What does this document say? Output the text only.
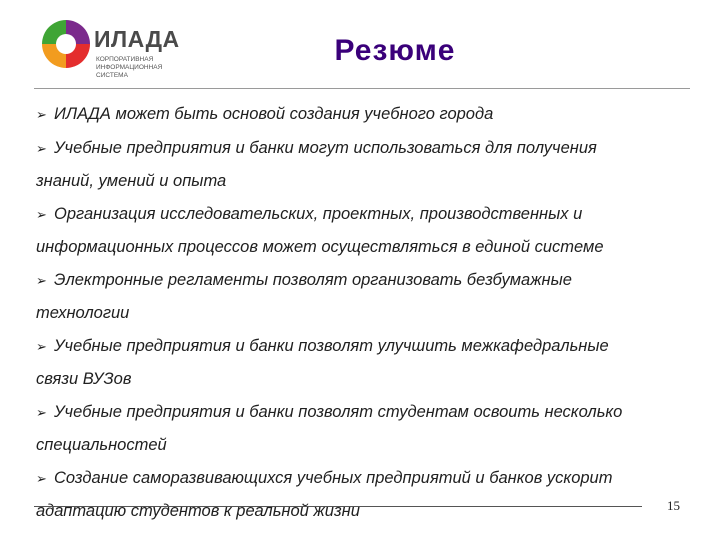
ИЛАДА
КОРПОРАТИВНАЯ ИНФОРМАЦИОННАЯ СИСТЕМА
Резюме
➢ ИЛАДА может быть основой создания учебного города
➢ Учебные предприятия и банки могут использоваться для получения
знаний, умений и опыта
➢ Организация исследовательских, проектных, производственных и
информационных процессов может осуществляться в единой системе
➢ Электронные регламенты позволят организовать безбумажные
технологии
➢ Учебные предприятия и банки позволят улучшить межкафедральные
связи ВУЗов
➢ Учебные предприятия и банки позволят студентам освоить несколько
специальностей
➢ Создание саморазвивающихся учебных предприятий и банков ускорит
адаптацию студентов к реальной жизни	15
